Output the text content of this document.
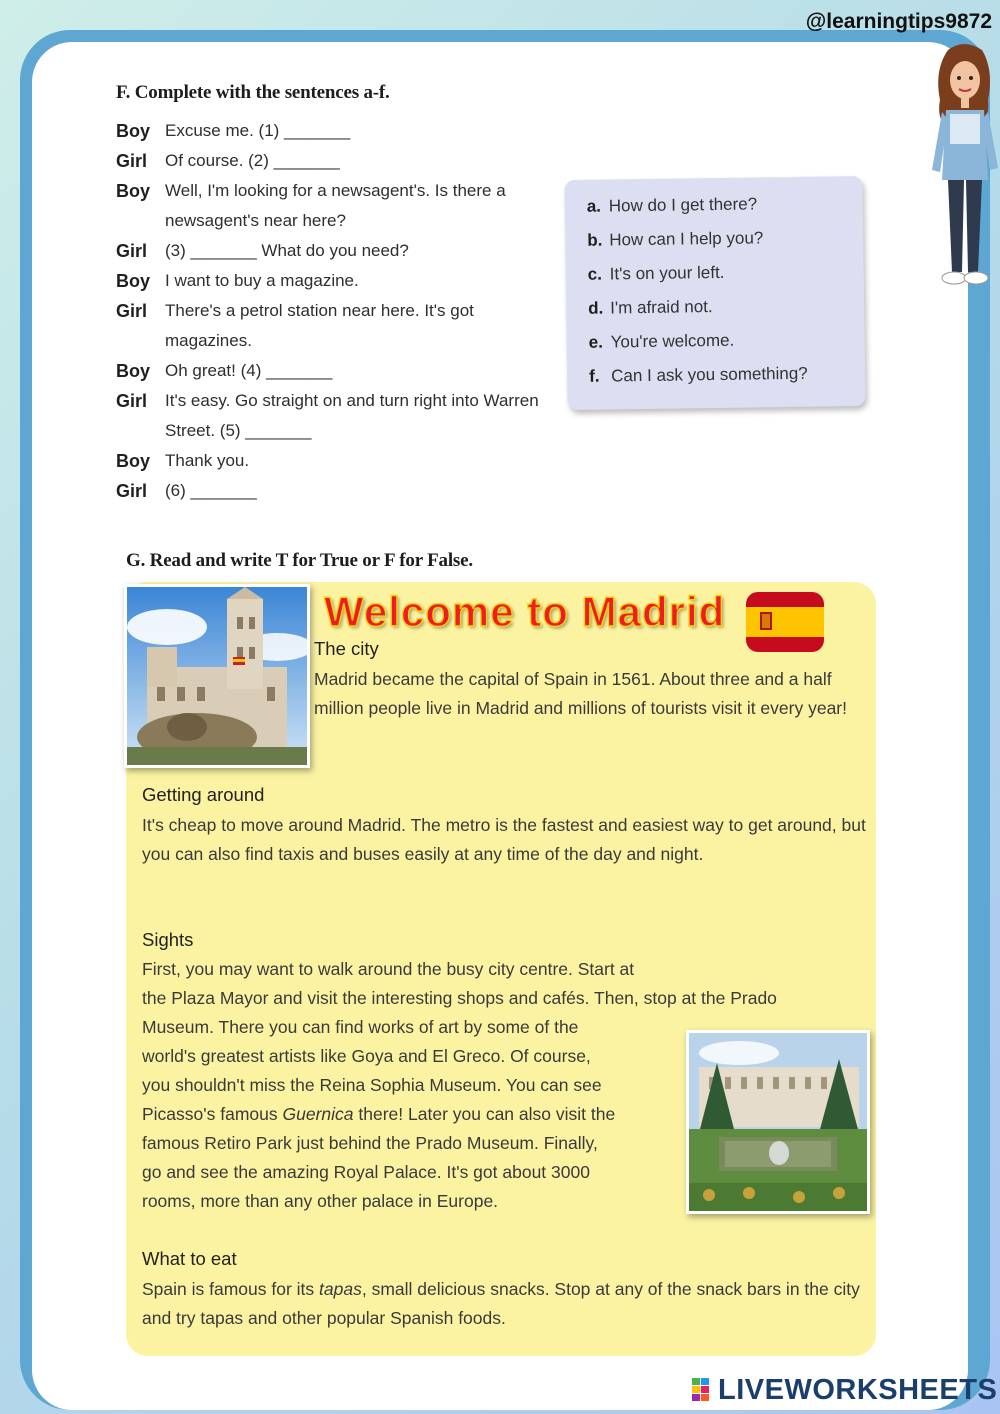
@learningtips9872
F. Complete with the sentences a-f.
Boy Excuse me. (1) _______
Girl	Of course. (2) _______
Boy Well, I'm looking for a newsagent's. Is there a newsagent's near here?
Girl	(3) _______ What do you need?
Boy I want to buy a magazine.
Girl	There's a petrol station near here. It's got magazines.
Boy Oh great! (4) _______
Girl	It's easy. Go straight on and turn right into Warren Street. (5) _______
Boy Thank you.
Girl	(6) _______
a. How do I get there?
b. How can I help you?
c. It's on your left.
d. I'm afraid not.
e. You're welcome.
f. Can I ask you something?
G. Read and write T for True or F for False.
Welcome to Madrid
The city
Madrid became the capital of Spain in 1561. About three and a half million people live in Madrid and millions of tourists visit it every year!
Getting around
It's cheap to move around Madrid. The metro is the fastest and easiest way to get around, but you can also find taxis and buses easily at any time of the day and night.
Sights
First, you may want to walk around the busy city centre. Start at
the Plaza Mayor and visit the interesting shops and cafés. Then, stop at the Prado
Museum. There you can find works of art by some of the
world's greatest artists like Goya and El Greco. Of course,
you shouldn't miss the Reina Sophia Museum. You can see
Picasso's famous Guernica there! Later you can also visit the
famous Retiro Park just behind the Prado Museum. Finally,
go and see the amazing Royal Palace. It's got about 3000
rooms, more than any other palace in Europe.
What to eat
Spain is famous for its tapas, small delicious snacks. Stop at any of the snack bars in the city and try tapas and other popular Spanish foods.
LIVEWORKSHEETS
